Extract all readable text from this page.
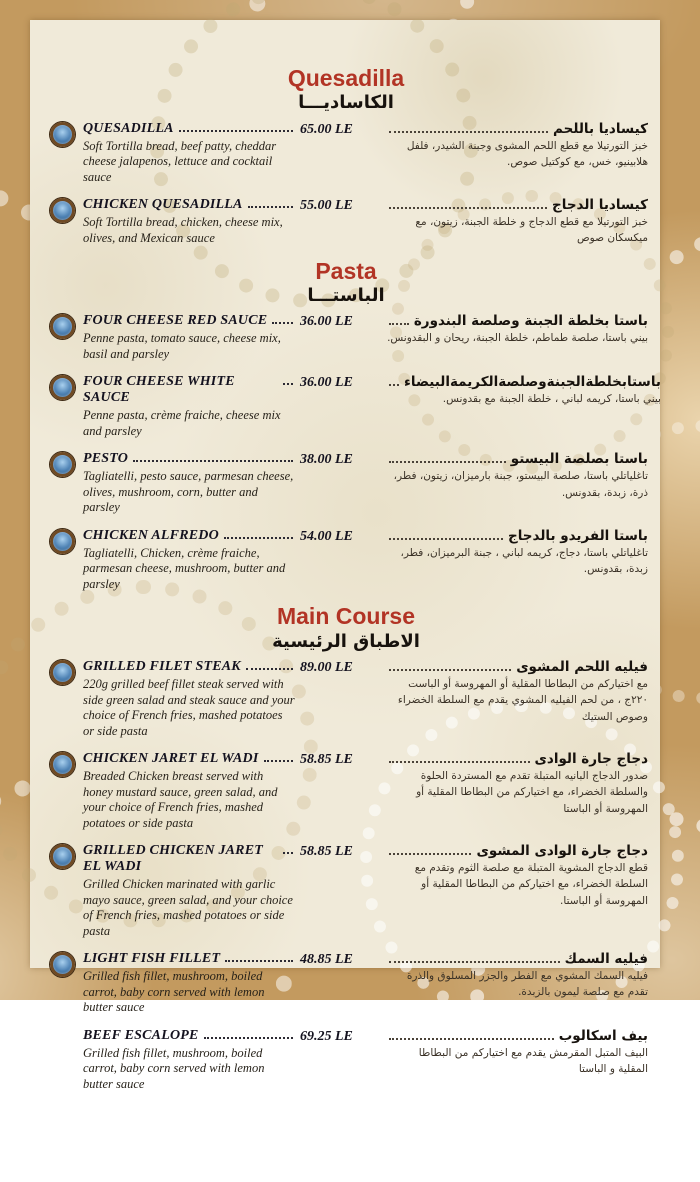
Quesadilla
الكاساديـــا
QUESADILLA
Soft Tortilla bread, beef patty, cheddar cheese jalapenos, lettuce and cocktail sauce
65.00 LE	كيساديا باللحم
خبز التورتيلا مع قطع اللحم المشوى وجبنة الشيدر، فلفل هلابينيو، خس، مع كوكتيل صوص.
CHICKEN QUESADILLA
Soft Tortilla bread, chicken, cheese mix, olives, and Mexican sauce
55.00 LE	كيساديا الدجاج
خبز التورتيلا مع قطع الدجاج و خلطة الجبنة، زيتون، مع ميكسكان صوص
Pasta
الباستـــا
FOUR CHEESE RED SAUCE
Penne pasta, tomato sauce, cheese mix, basil and parsley
36.00 LE	باستا بخلطة الجبنة وصلصة البندورة
بيني باستا، صلصة طماطم، خلطة الجبنة، ريحان و البقدونس.
FOUR CHEESE WHITE SAUCE
Penne pasta, crème fraiche, cheese mix and parsley
36.00 LE	باستابخلطةالجبنةوصلصةالكريمةالبيضاء
بيني باستا، كريمه لباني ، خلطة الجبنة مع بقدونس.
PESTO
Tagliatelli, pesto sauce, parmesan cheese, olives, mushroom, corn, butter and parsley
38.00 LE	باستا بصلصة البيستو
تاغلياتلي باستا، صلصة البيستو، جبنة بارميزان، زيتون، فطر، ذرة، زبدة، بقدونس.
CHICKEN ALFREDO
Tagliatelli, Chicken, crème fraiche, parmesan cheese, mushroom, butter and parsley
54.00 LE	باستا الفريدو بالدجاج
تاغلياتلي باستا، دجاج، كريمه لباني ، جبنة البرميزان، فطر، زبدة، بقدونس.
Main Course
الاطباق الرئيسية
GRILLED FILET STEAK
220g grilled beef fillet steak served with side green salad and steak sauce and your choice of French fries, mashed potatoes or side pasta
89.00 LE	فيليه اللحم المشوى
مع اختياركم من البطاطا المقلية أو المهروسة أو الباست ٢٢٠ج ، من لحم الفيليه المشوي يقدم مع السلطة الخضراء وصوص الستيك
CHICKEN JARET EL WADI
Breaded Chicken breast served with honey mustard sauce, green salad, and your choice of French fries, mashed potatoes or side pasta
58.85 LE	دجاج جارة الوادى
صدور الدجاج البانيه المتبلة تقدم مع المستردة الحلوة والسلطة الخضراء، مع اختياركم من البطاطا المقلية أو المهروسة أو الباستا
GRILLED CHICKEN JARET EL WADI
Grilled Chicken marinated with garlic mayo sauce, green salad, and your choice of French fries, mashed potatoes or side pasta
58.85 LE	دجاج جارة الوادى المشوى
قطع الدجاج المشوية المتبلة مع صلصة الثوم وتقدم مع السلطة الخضراء، مع اختياركم من البطاطا المقلية أو المهروسة أو الباستا.
LIGHT FISH FILLET
Grilled fish fillet, mushroom, boiled carrot, baby corn served with lemon butter sauce
48.85 LE	فيليه السمك
فيليه السمك المشوي مع الفطر والجزر المسلوق والذرة تقدم مع صلصة ليمون بالزبدة.
BEEF ESCALOPE
Grilled fish fillet, mushroom, boiled carrot, baby corn served with lemon butter sauce
69.25 LE	بيف اسكالوب
البيف المتبل المقرمش يقدم مع اختياركم من البطاطا المقلية و الباستا
